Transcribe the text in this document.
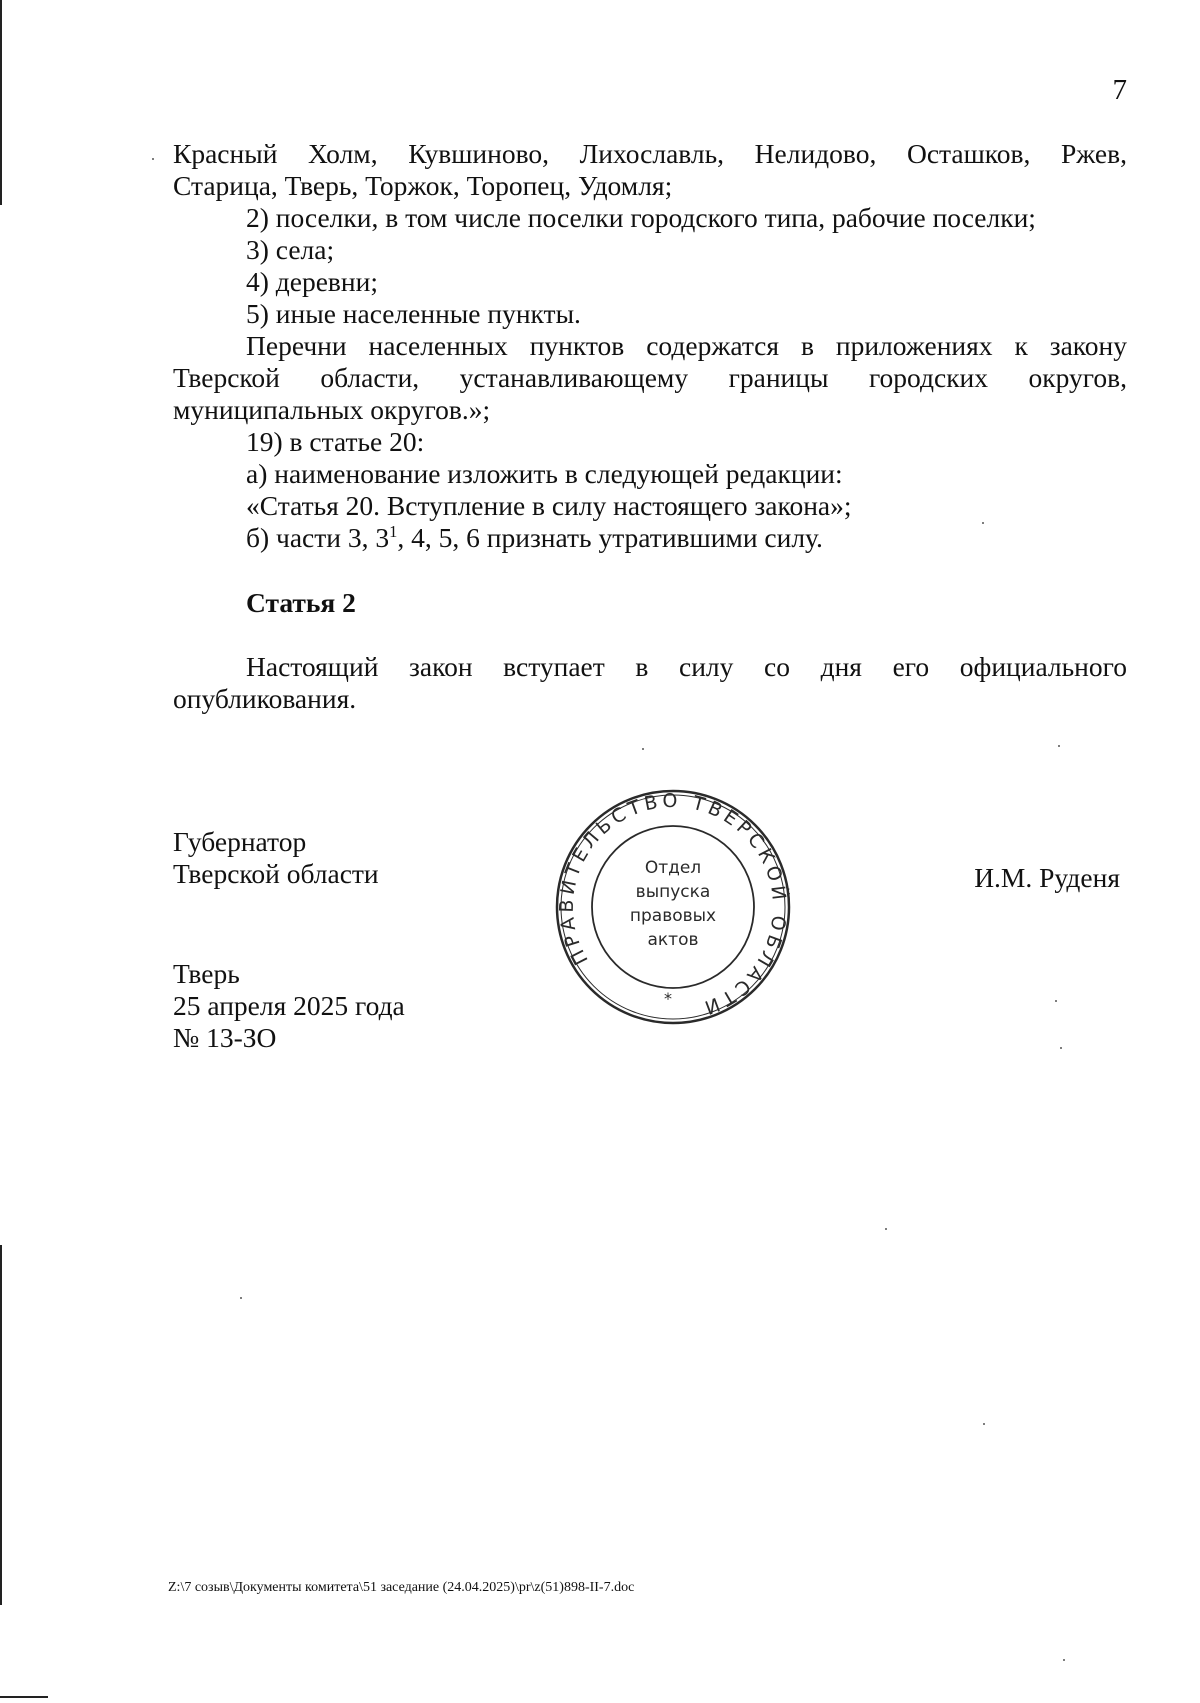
7
Красный Холм, Кувшиново, Лихославль, Нелидово, Осташков, Ржев,
Старица, Тверь, Торжок, Торопец, Удомля;
2) поселки, в том числе поселки городского типа, рабочие поселки;
3) села;
4) деревни;
5) иные населенные пункты.
Перечни населенных пунктов содержатся в приложениях к закону
Тверской области, устанавливающему границы городских округов,
муниципальных округов.»;
19) в статье 20:
а) наименование изложить в следующей редакции:
«Статья 20. Вступление в силу настоящего закона»;
б) части 3, $3^1$, 4, 5, 6 признать утратившими силу.
Статья 2
Настоящий закон вступает в силу со дня его официального
опубликования.
Губернатор
Тверской области	И.М. Руденя
Тверь
25 апреля 2025 года
№ 13-ЗО
ПРАВИТЕЛЬСТВО ТВЕРСКОЙ ОБЛАСТИ
Отдел
выпуска
правовых
актов
*
Z:\7 созыв\Документы комитета\51 заседание (24.04.2025)\pr\z(51)898-II-7.doc
